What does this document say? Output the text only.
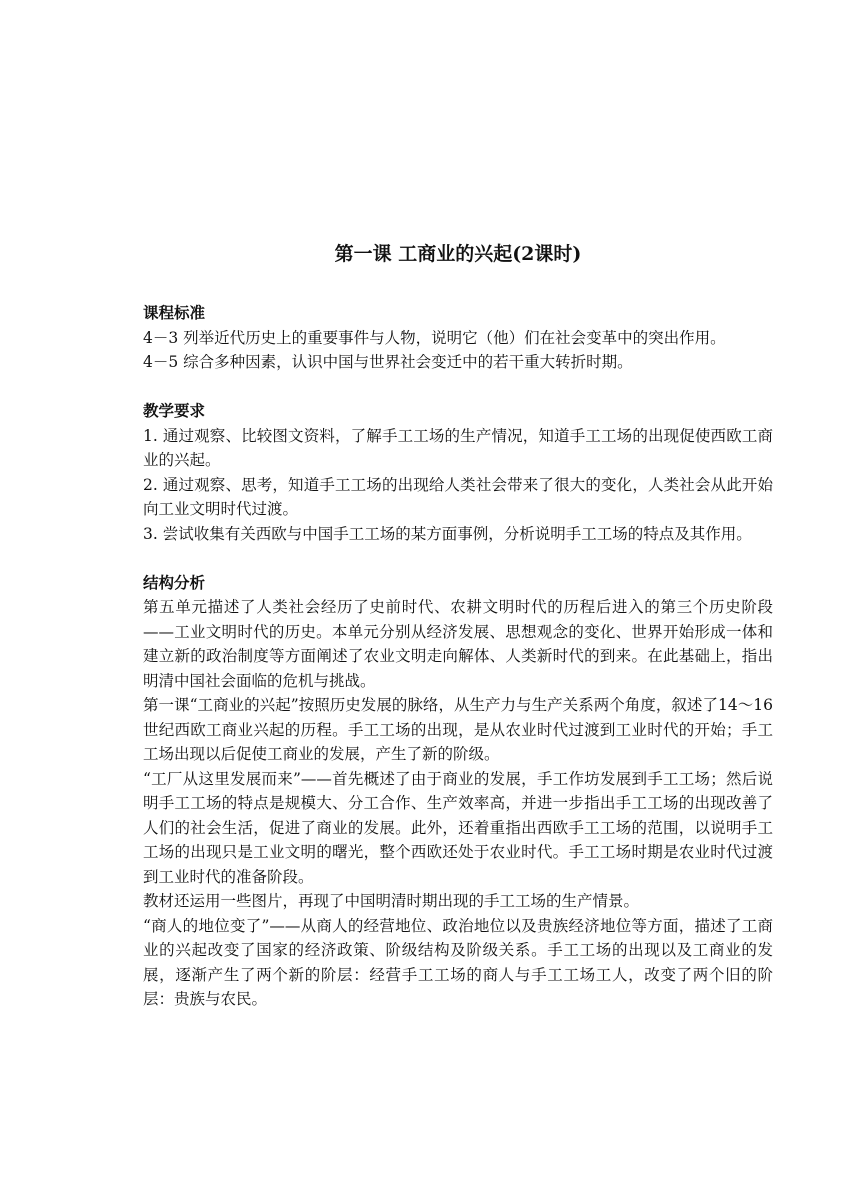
第一课 工商业的兴起(2课时)

课程标准

4－3 列举近代历史上的重要事件与人物，说明它（他）们在社会变革中的突出作用。

4－5 综合多种因素，认识中国与世界社会变迁中的若干重大转折时期。

教学要求

1. 通过观察、比较图文资料，了解手工工场的生产情况，知道手工工场的出现促使西欧工商业的兴起。

2. 通过观察、思考，知道手工工场的出现给人类社会带来了很大的变化，人类社会从此开始向工业文明时代过渡。

3. 尝试收集有关西欧与中国手工工场的某方面事例，分析说明手工工场的特点及其作用。

结构分析

第五单元描述了人类社会经历了史前时代、农耕文明时代的历程后进入的第三个历史阶段——工业文明时代的历史。本单元分别从经济发展、思想观念的变化、世界开始形成一体和建立新的政治制度等方面阐述了农业文明走向解体、人类新时代的到来。在此基础上，指出明清中国社会面临的危机与挑战。

第一课“工商业的兴起”按照历史发展的脉络，从生产力与生产关系两个角度，叙述了14～16世纪西欧工商业兴起的历程。手工工场的出现，是从农业时代过渡到工业时代的开始；手工工场出现以后促使工商业的发展，产生了新的阶级。

“工厂从这里发展而来”——首先概述了由于商业的发展，手工作坊发展到手工工场；然后说明手工工场的特点是规模大、分工合作、生产效率高，并进一步指出手工工场的出现改善了人们的社会生活，促进了商业的发展。此外，还着重指出西欧手工工场的范围，以说明手工工场的出现只是工业文明的曙光，整个西欧还处于农业时代。手工工场时期是农业时代过渡到工业时代的准备阶段。

教材还运用一些图片，再现了中国明清时期出现的手工工场的生产情景。

“商人的地位变了”——从商人的经营地位、政治地位以及贵族经济地位等方面，描述了工商业的兴起改变了国家的经济政策、阶级结构及阶级关系。手工工场的出现以及工商业的发展，逐渐产生了两个新的阶层：经营手工工场的商人与手工工场工人，改变了两个旧的阶层：贵族与农民。
